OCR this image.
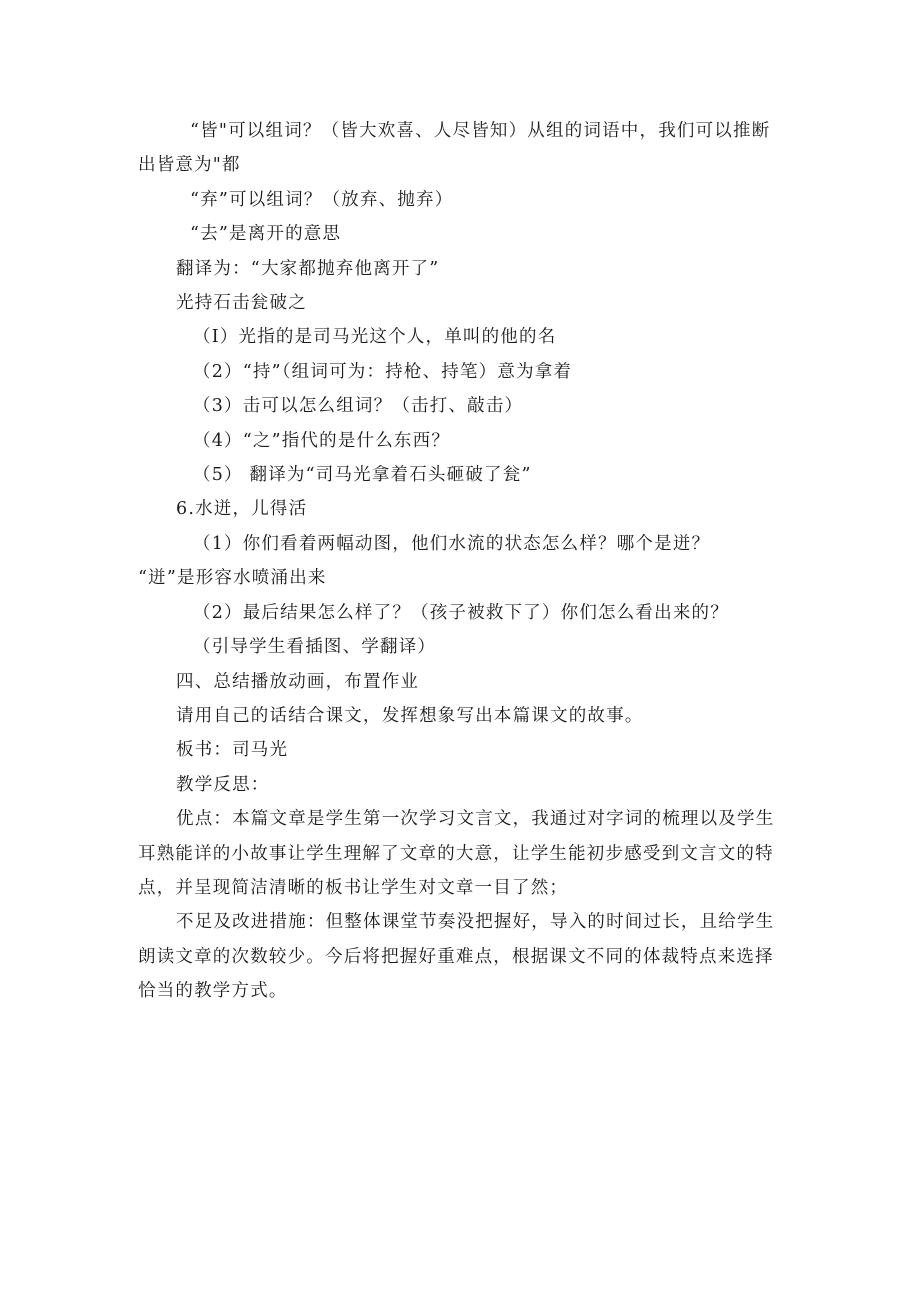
“皆"可以组词？（皆大欢喜、人尽皆知）从组的词语中，我们可以推断出皆意为"都

“弃”可以组词？（放弃、抛弃）

“去”是离开的意思

翻译为：“大家都抛弃他离开了”

光持石击瓮破之

（I）光指的是司马光这个人，单叫的他的名

（2）“持”（组词可为：持枪、持笔）意为拿着

（3）击可以怎么组词？（击打、敲击）

（4）“之”指代的是什么东西？

（5） 翻译为“司马光拿着石头砸破了瓮”

6.水迸，儿得活

（1）你们看着两幅动图，他们水流的状态怎么样？哪个是迸？

“迸”是形容水喷涌出来

（2）最后结果怎么样了？（孩子被救下了）你们怎么看出来的？

（引导学生看插图、学翻译）

四、总结播放动画，布置作业

请用自己的话结合课文，发挥想象写出本篇课文的故事。

板书：司马光

教学反思：

优点：本篇文章是学生第一次学习文言文，我通过对字词的梳理以及学生耳熟能详的小故事让学生理解了文章的大意，让学生能初步感受到文言文的特点，并呈现简洁清晰的板书让学生对文章一目了然；

不足及改进措施：但整体课堂节奏没把握好，导入的时间过长，且给学生朗读文章的次数较少。今后将把握好重难点，根据课文不同的体裁特点来选择恰当的教学方式。
